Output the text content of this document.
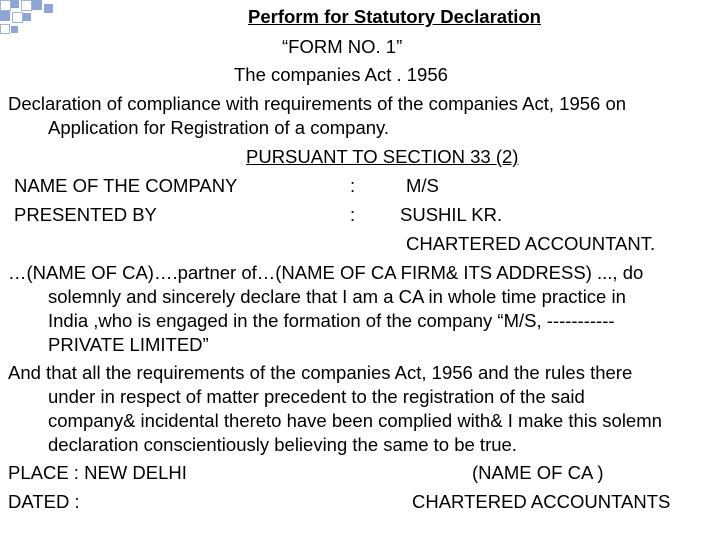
Perform for Statutory Declaration
“FORM NO. 1”
The companies Act . 1956
Declaration of compliance with requirements of the companies Act, 1956 on
Application for Registration of a company.
PURSUANT TO SECTION 33 (2)
NAME OF THE COMPANY	:	M/S
PRESENTED BY	: SUSHIL KR.
CHARTERED ACCOUNTANT.
…(NAME OF CA)….partner of…(NAME OF CA FIRM& ITS ADDRESS) ..., do
solemnly and sincerely declare that I am a CA in whole time practice in
India ,who is engaged in the formation of the company “M/S, -----------
PRIVATE LIMITED”
And that all the requirements of the companies Act, 1956 and the rules there
under in respect of matter precedent to the registration of the said
company& incidental thereto have been complied with& I make this solemn
declaration conscientiously believing the same to be true.
PLACE : NEW DELHI	(NAME OF CA )
DATED :	CHARTERED ACCOUNTANTS
